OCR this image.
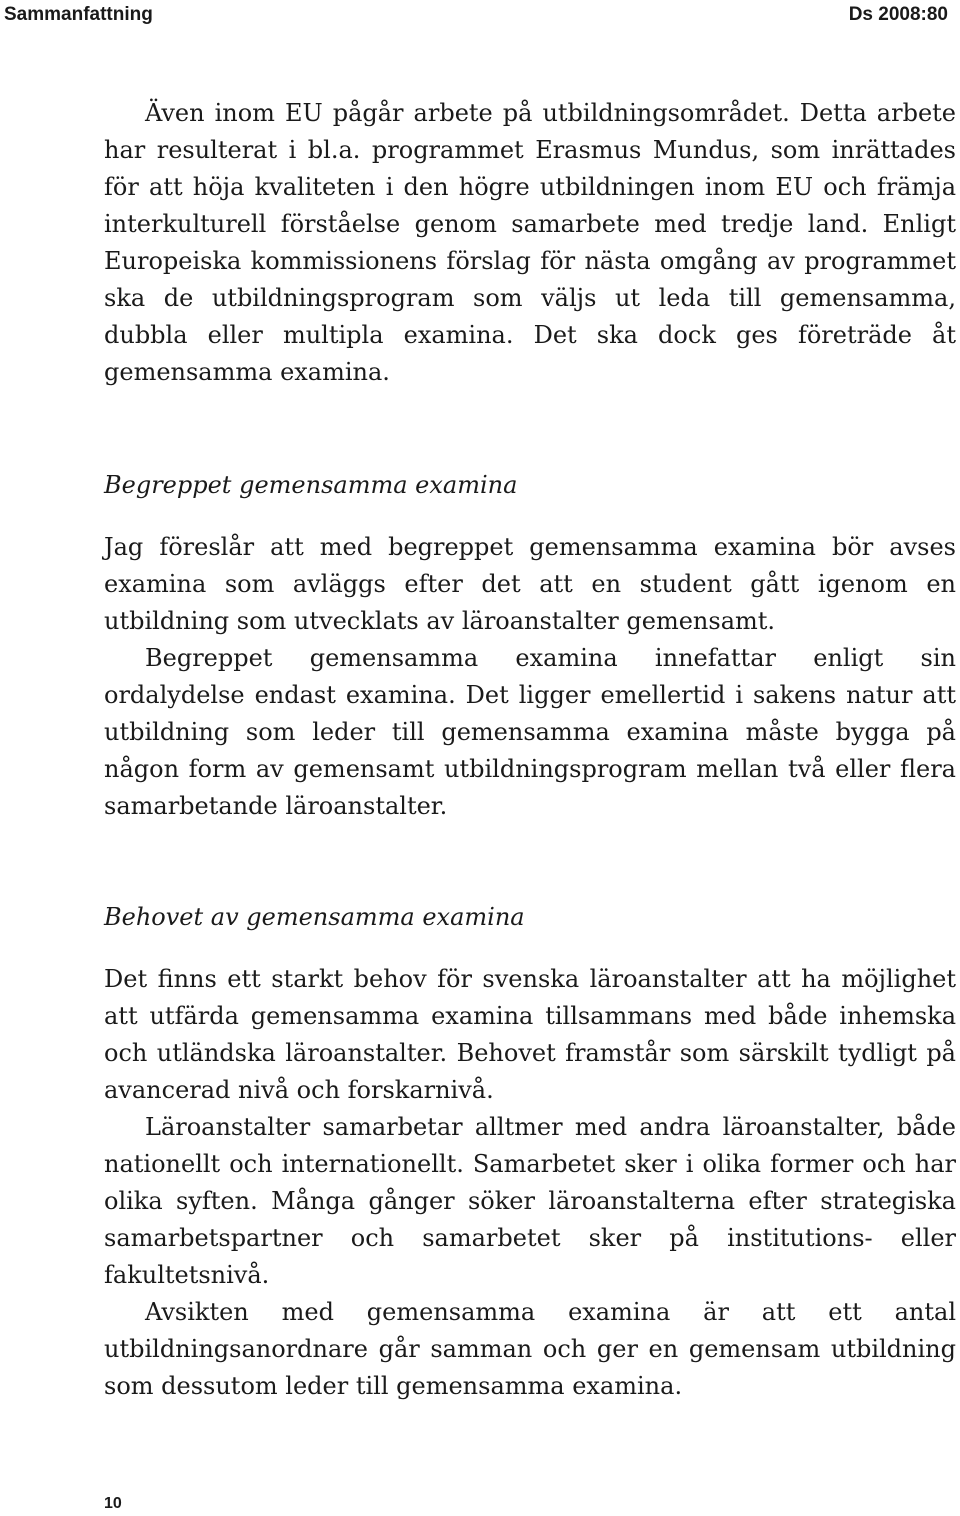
Sammanfattning	Ds 2008:80

Även inom EU pågår arbete på utbildningsområdet. Detta arbete har resulterat i bl.a. programmet Erasmus Mundus, som inrättades för att höja kvaliteten i den högre utbildningen inom EU och främja interkulturell förståelse genom samarbete med tredje land. Enligt Europeiska kommissionens förslag för nästa omgång av programmet ska de utbildningsprogram som väljs ut leda till gemensamma, dubbla eller multipla examina. Det ska dock ges företräde åt gemensamma examina.

Begreppet gemensamma examina

Jag föreslår att med begreppet gemensamma examina bör avses examina som avläggs efter det att en student gått igenom en utbildning som utvecklats av läroanstalter gemensamt.

Begreppet gemensamma examina innefattar enligt sin ordalydelse endast examina. Det ligger emellertid i sakens natur att utbildning som leder till gemensamma examina måste bygga på någon form av gemensamt utbildningsprogram mellan två eller flera samarbetande läroanstalter.

Behovet av gemensamma examina

Det finns ett starkt behov för svenska läroanstalter att ha möjlighet att utfärda gemensamma examina tillsammans med både inhemska och utländska läroanstalter. Behovet framstår som särskilt tydligt på avancerad nivå och forskarnivå.

Läroanstalter samarbetar alltmer med andra läroanstalter, både nationellt och internationellt. Samarbetet sker i olika former och har olika syften. Många gånger söker läroanstalterna efter strategiska samarbetspartner och samarbetet sker på institutions- eller fakultetsnivå.

Avsikten med gemensamma examina är att ett antal utbildningsanordnare går samman och ger en gemensam utbildning som dessutom leder till gemensamma examina.

10
